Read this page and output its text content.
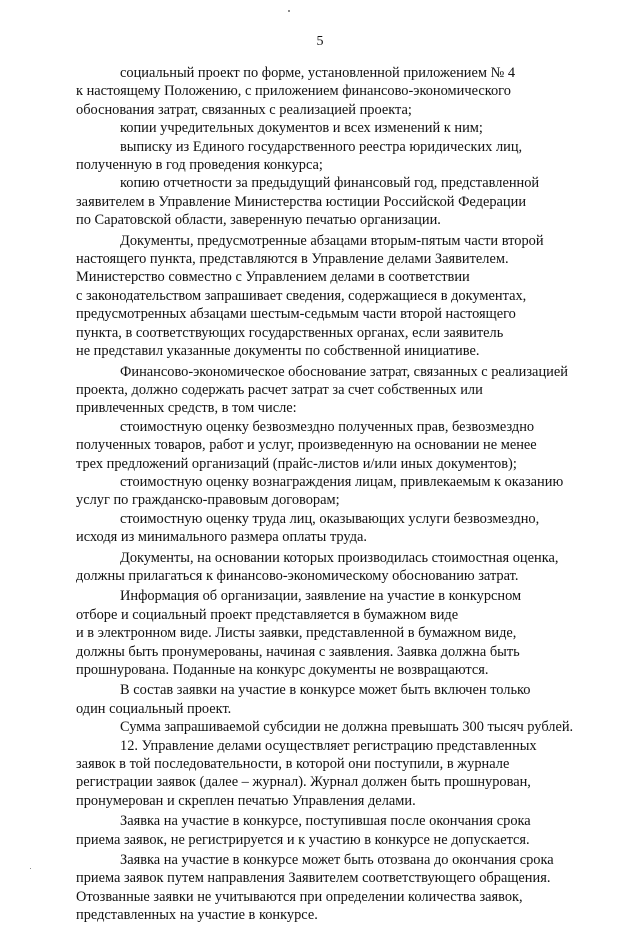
5

социальный проект по форме, установленной приложением № 4
к настоящему Положению, с приложением финансово-экономического
обоснования затрат, связанных с реализацией проекта;

копии учредительных документов и всех изменений к ним;

выписку из Единого государственного реестра юридических лиц,
полученную в год проведения конкурса;

копию отчетности за предыдущий финансовый год, представленной
заявителем в Управление Министерства юстиции Российской Федерации
по Саратовской области, заверенную печатью организации.

Документы, предусмотренные абзацами вторым-пятым части второй
настоящего пункта, представляются в Управление делами Заявителем.
Министерство совместно с Управлением делами в соответствии
с законодательством запрашивает сведения, содержащиеся в документах,
предусмотренных абзацами шестым-седьмым части второй настоящего
пункта, в соответствующих государственных органах, если заявитель
не представил указанные документы по собственной инициативе.

Финансово-экономическое обоснование затрат, связанных с реализацией
проекта, должно содержать расчет затрат за счет собственных или
привлеченных средств, в том числе:

стоимостную оценку безвозмездно полученных прав, безвозмездно
полученных товаров, работ и услуг, произведенную на основании не менее
трех предложений организаций (прайс-листов и/или иных документов);

стоимостную оценку вознаграждения лицам, привлекаемым к оказанию
услуг по гражданско-правовым договорам;

стоимостную оценку труда лиц, оказывающих услуги безвозмездно,
исходя из минимального размера оплаты труда.

Документы, на основании которых производилась стоимостная оценка,
должны прилагаться к финансово-экономическому обоснованию затрат.

Информация об организации, заявление на участие в конкурсном
отборе и социальный проект представляется в бумажном виде
и в электронном виде. Листы заявки, представленной в бумажном виде,
должны быть пронумерованы, начиная с заявления. Заявка должна быть
прошнурована. Поданные на конкурс документы не возвращаются.

В состав заявки на участие в конкурсе может быть включен только
один социальный проект.

Сумма запрашиваемой субсидии не должна превышать 300 тысяч рублей.

12. Управление делами осуществляет регистрацию представленных
заявок в той последовательности, в которой они поступили, в журнале
регистрации заявок (далее – журнал). Журнал должен быть прошнурован,
пронумерован и скреплен печатью Управления делами.

Заявка на участие в конкурсе, поступившая после окончания срока
приема заявок, не регистрируется и к участию в конкурсе не допускается.

Заявка на участие в конкурсе может быть отозвана до окончания срока
приема заявок путем направления Заявителем соответствующего обращения.
Отозванные заявки не учитываются при определении количества заявок,
представленных на участие в конкурсе.
